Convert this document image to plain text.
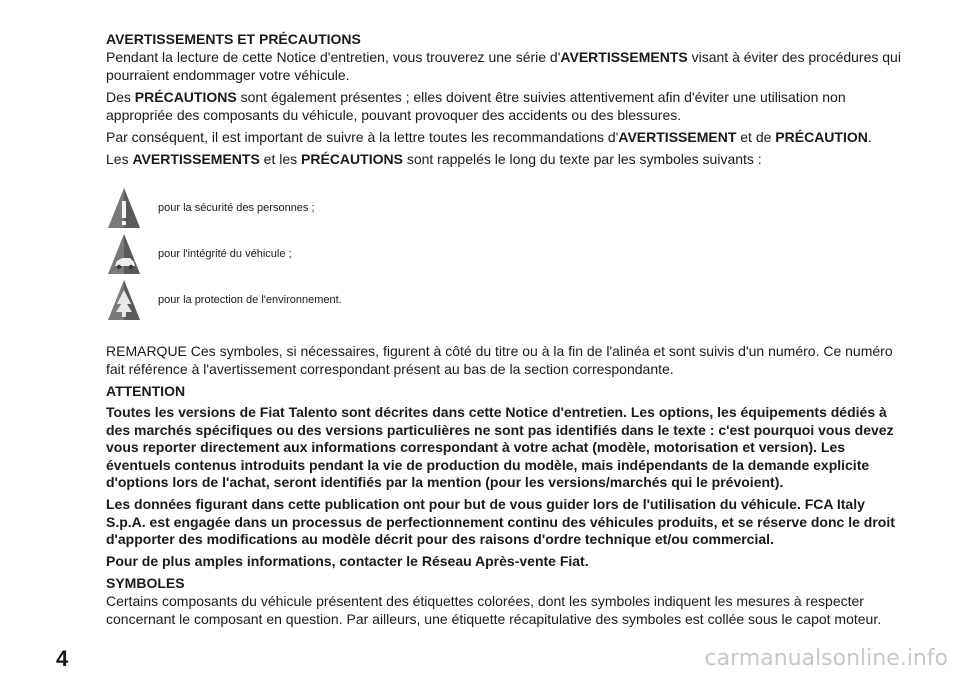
AVERTISSEMENTS ET PRÉCAUTIONS

Pendant la lecture de cette Notice d'entretien, vous trouverez une série d'AVERTISSEMENTS visant à éviter des procédures qui pourraient endommager votre véhicule.

Des PRÉCAUTIONS sont également présentes ; elles doivent être suivies attentivement afin d'éviter une utilisation non appropriée des composants du véhicule, pouvant provoquer des accidents ou des blessures.

Par conséquent, il est important de suivre à la lettre toutes les recommandations d'AVERTISSEMENT et de PRÉCAUTION.

Les AVERTISSEMENTS et les PRÉCAUTIONS sont rappelés le long du texte par les symboles suivants :

pour la sécurité des personnes ;
pour l'intégrité du véhicule ;
pour la protection de l'environnement.

REMARQUE Ces symboles, si nécessaires, figurent à côté du titre ou à la fin de l'alinéa et sont suivis d'un numéro. Ce numéro fait référence à l'avertissement correspondant présent au bas de la section correspondante.

ATTENTION

Toutes les versions de Fiat Talento sont décrites dans cette Notice d'entretien. Les options, les équipements dédiés à des marchés spécifiques ou des versions particulières ne sont pas identifiés dans le texte : c'est pourquoi vous devez vous reporter directement aux informations correspondant à votre achat (modèle, motorisation et version). Les éventuels contenus introduits pendant la vie de production du modèle, mais indépendants de la demande explicite d'options lors de l'achat, seront identifiés par la mention (pour les versions/marchés qui le prévoient).

Les données figurant dans cette publication ont pour but de vous guider lors de l'utilisation du véhicule. FCA Italy S.p.A. est engagée dans un processus de perfectionnement continu des véhicules produits, et se réserve donc le droit d'apporter des modifications au modèle décrit pour des raisons d'ordre technique et/ou commercial.

Pour de plus amples informations, contacter le Réseau Après-vente Fiat.

SYMBOLES

Certains composants du véhicule présentent des étiquettes colorées, dont les symboles indiquent les mesures à respecter concernant le composant en question. Par ailleurs, une étiquette récapitulative des symboles est collée sous le capot moteur.

4	carmanualsonline.info
